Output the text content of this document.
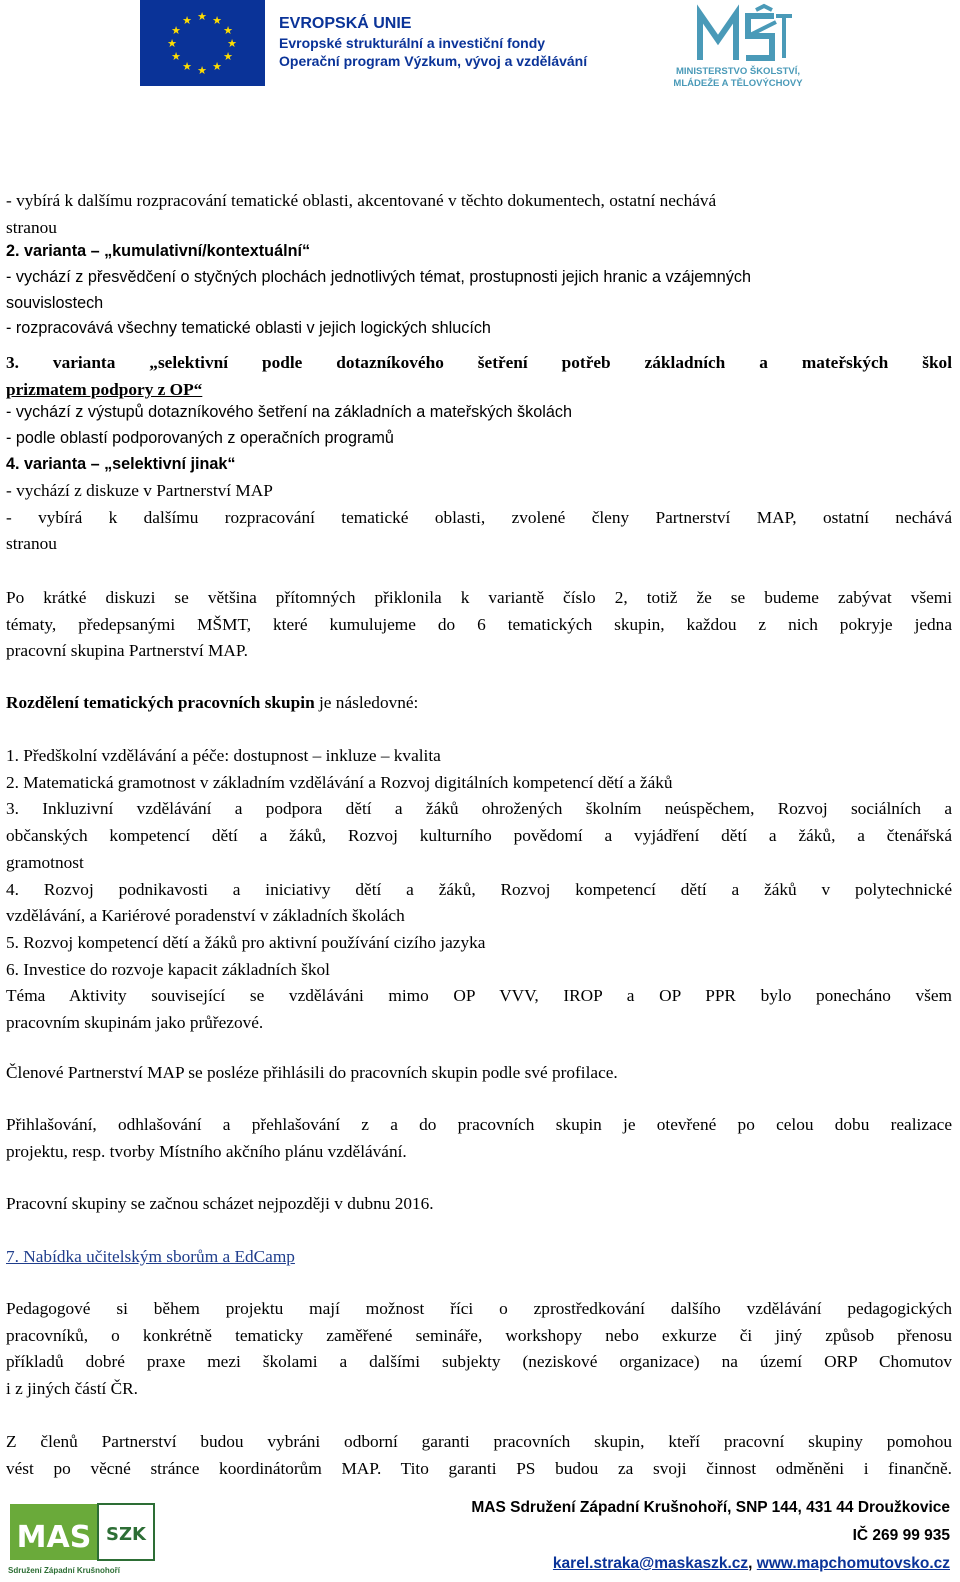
★ ★
★
★
★
★
★
★
★
★
★
★	EVROPSKÁ UNIE
Evropské strukturální a investiční fondy
Operační program Výzkum, vývoj a vzdělávání
MINISTERSTVO ŠKOLSTVÍ,
MLÁDEŽE A TĚLOVÝCHOVY
- vybírá k dalšímu rozpracování tematické oblasti, akcentované v těchto dokumentech, ostatní nechává
stranou
2. varianta – „kumulativní/kontextuální“
- vychází z přesvědčení o styčných plochách jednotlivých témat, prostupnosti jejich hranic a vzájemných
souvislostech
- rozpracovává všechny tematické oblasti v jejich logických shlucích
3. varianta „selektivní podle dotazníkového šetření potřeb základních a mateřských škol
prizmatem podpory z OP“
- vychází z výstupů dotazníkového šetření na základních a mateřských školách
- podle oblastí podporovaných z operačních programů
4. varianta – „selektivní jinak“
- vychází z diskuze v Partnerství MAP
- vybírá k dalšímu rozpracování tematické oblasti, zvolené členy Partnerství MAP, ostatní nechává
stranou
Po krátké diskuzi se většina přítomných přiklonila k variantě číslo 2, totiž že se budeme zabývat všemi
tématy, předepsanými MŠMT, které kumulujeme do 6 tematických skupin, každou z nich pokryje jedna
pracovní skupina Partnerství MAP.
Rozdělení tematických pracovních skupin je následovné:
1. Předškolní vzdělávání a péče: dostupnost – inkluze – kvalita
2. Matematická gramotnost v základním vzdělávání a Rozvoj digitálních kompetencí dětí a žáků
3. Inkluzivní vzdělávání a podpora dětí a žáků ohrožených školním neúspěchem, Rozvoj sociálních a
občanských kompetencí dětí a žáků, Rozvoj kulturního povědomí a vyjádření dětí a žáků, a čtenářská
gramotnost
4. Rozvoj podnikavosti a iniciativy dětí a žáků, Rozvoj kompetencí dětí a žáků v polytechnické
vzdělávání, a Kariérové poradenství v základních školách
5. Rozvoj kompetencí dětí a žáků pro aktivní používání cizího jazyka
6. Investice do rozvoje kapacit základních škol
Téma Aktivity související se vzděláváni mimo OP VVV, IROP a OP PPR bylo ponecháno všem
pracovním skupinám jako průřezové.
Členové Partnerství MAP se posléze přihlásili do pracovních skupin podle své profilace.
Přihlašování, odhlašování a přehlašování z a do pracovních skupin je otevřené po celou dobu realizace
projektu, resp. tvorby Místního akčního plánu vzdělávání.
Pracovní skupiny se začnou scházet nejpozději v dubnu 2016.
7. Nabídka učitelským sborům a EdCamp
Pedagogové si během projektu mají možnost říci o zprostředkování dalšího vzdělávání pedagogických
pracovníků, o konkrétně tematicky zaměřené semináře, workshopy nebo exkurze či jiný způsob přenosu
příkladů dobré praxe mezi školami a dalšími subjekty (neziskové organizace) na území ORP Chomutov
i z jiných částí ČR.
Z členů Partnerství budou vybráni odborní garanti pracovních skupin, kteří pracovní skupiny pomohou
vést po věcné stránce koordinátorům MAP. Tito garanti PS budou za svoji činnost odměněni i finančně.
MAS SZK
Sdružení Západní Krušnohoří
MAS Sdružení Západní Krušnohoří, SNP 144, 431 44 Droužkovice
IČ 269 99 935
karel.straka@maskaszk.cz, www.mapchomutovsko.cz
